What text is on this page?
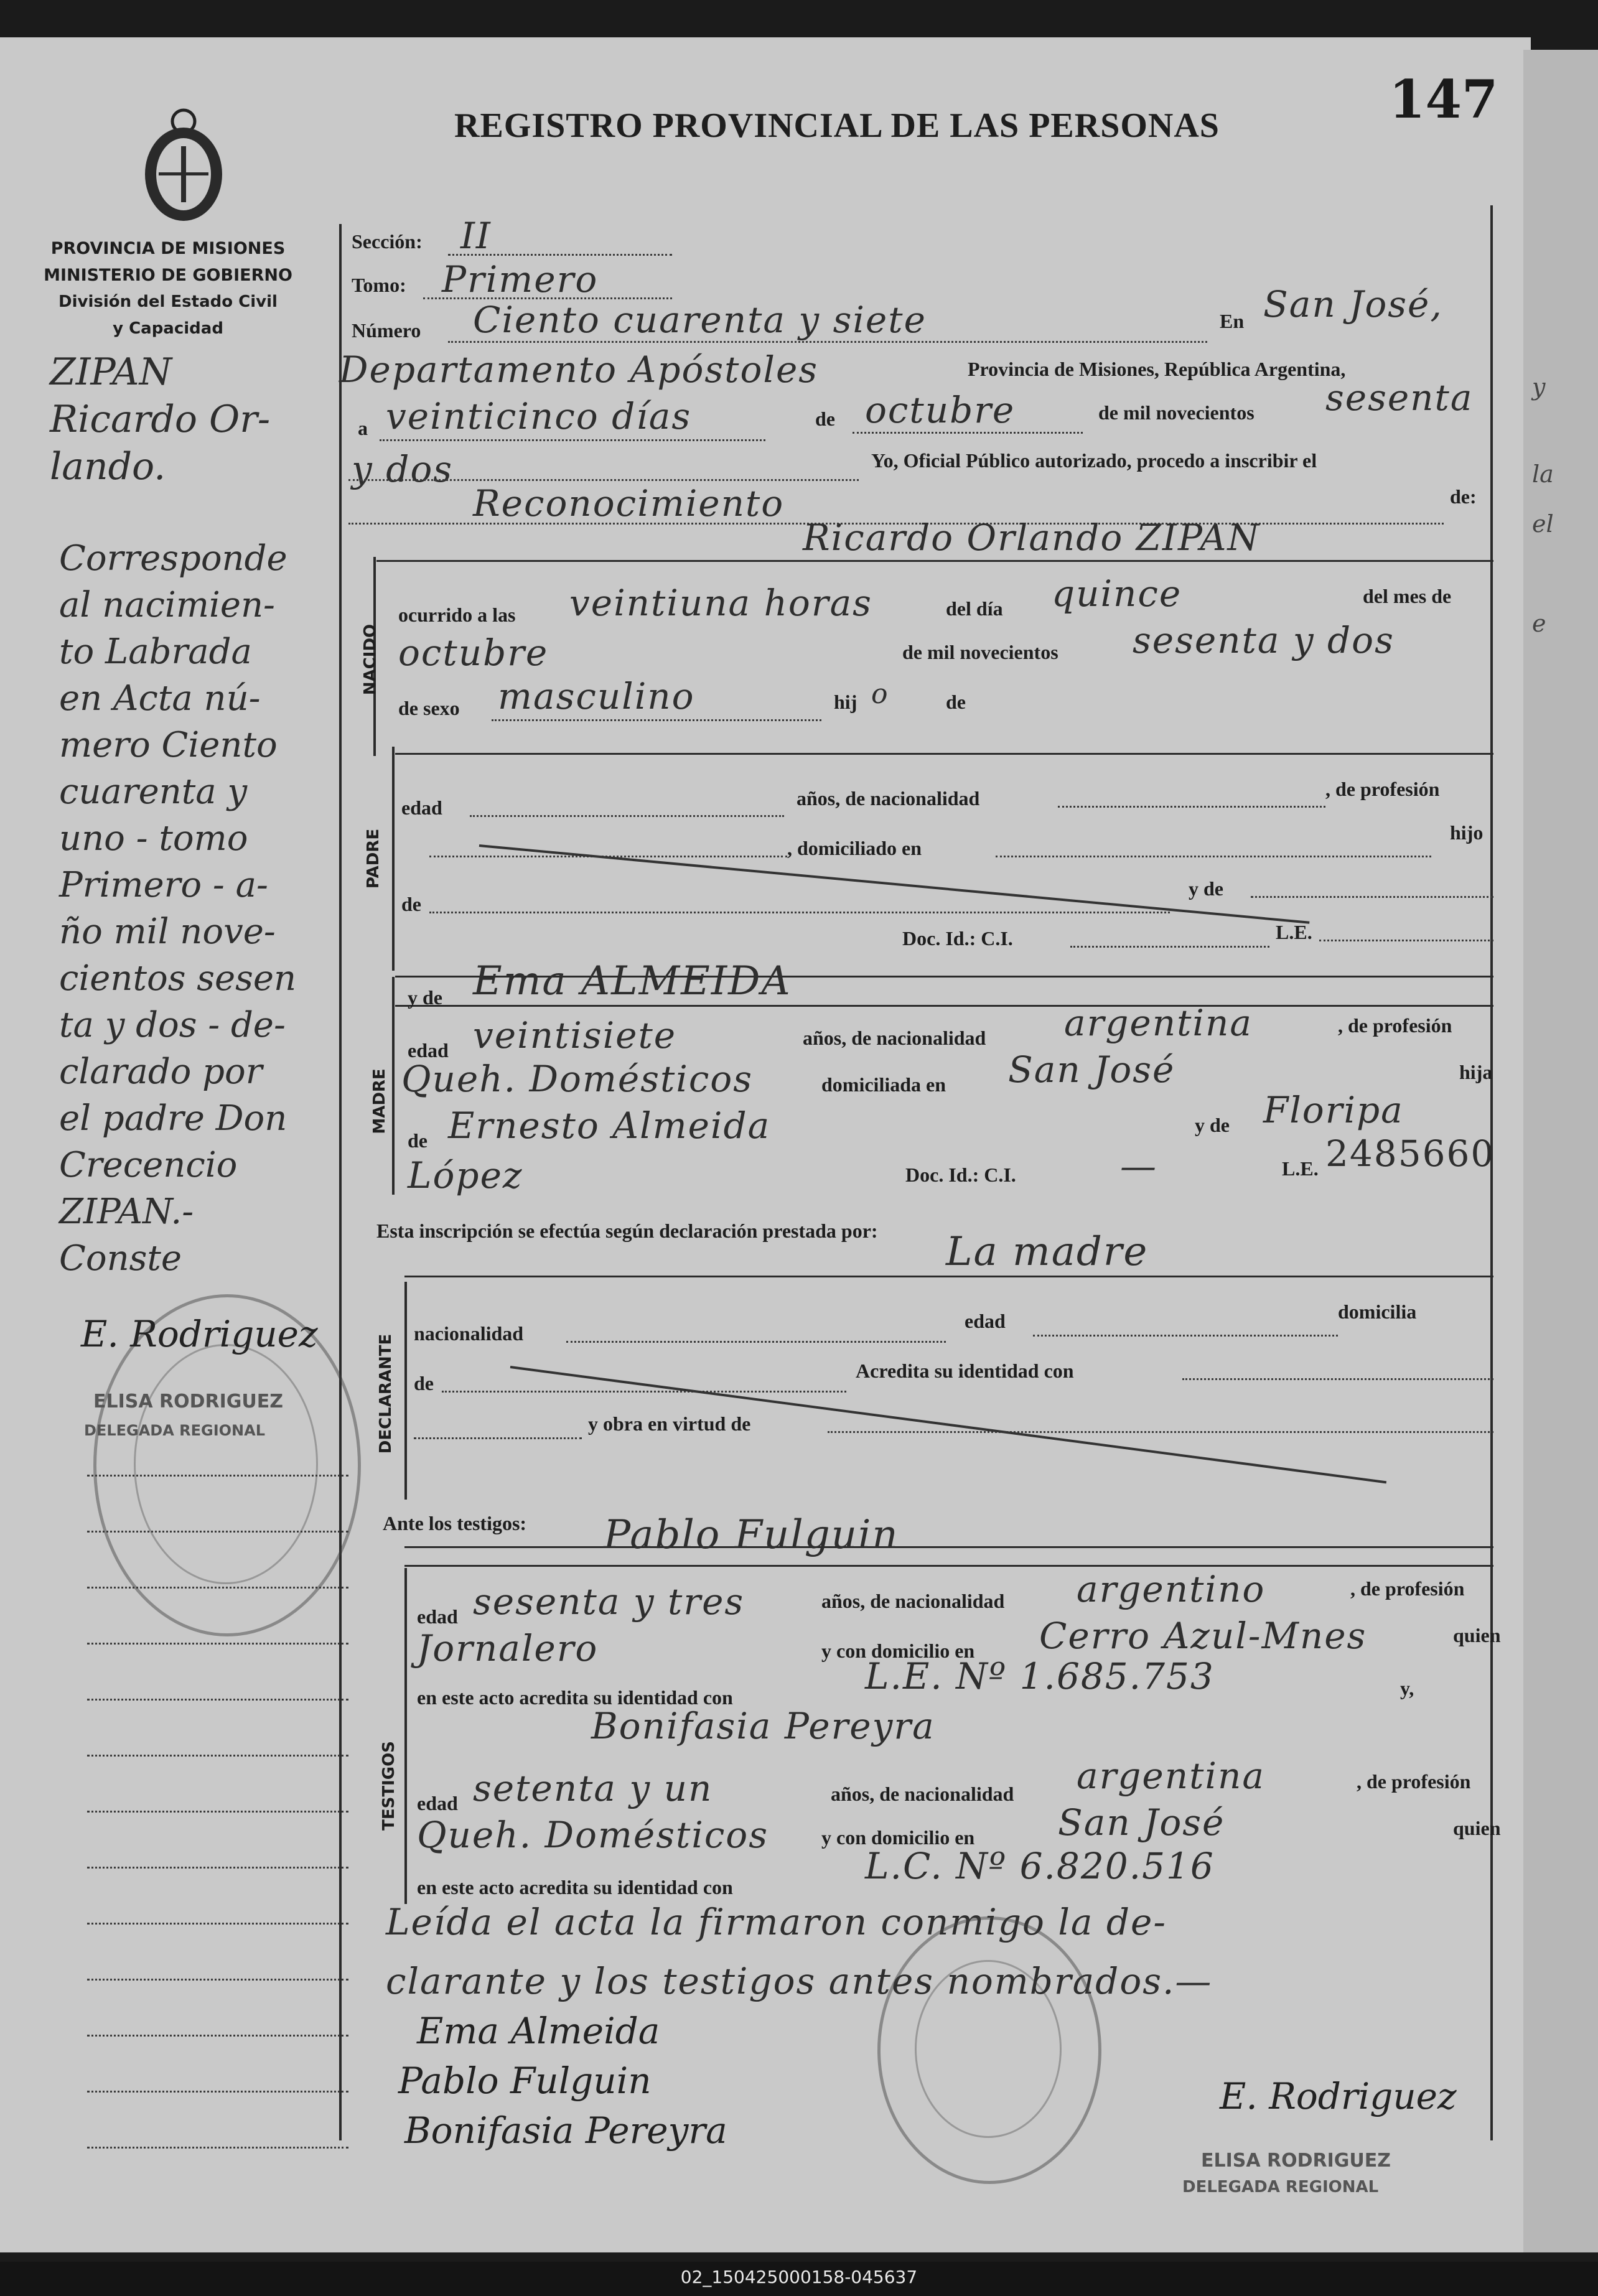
y
la
el
e
147
REGISTRO PROVINCIAL DE LAS PERSONAS
PROVINCIA DE MISIONES
MINISTERIO DE GOBIERNO
División del Estado Civil
y Capacidad
NACIDO
PADRE
MADRE
DECLARANTE
TESTIGOS
Sección: II
Tomo: Primero
Número Ciento cuarenta y siete	En San José,
Departamento Apóstoles	Provincia de Misiones, República Argentina,
a veinticinco días	de octubre	de mil novecientos sesenta
y dos	Yo, Oficial Público autorizado, procedo a inscribir el
Reconocimiento	de:
Ricardo Orlando ZIPAN
ocurrido a las veintiuna horas	del día quince	del mes de
octubre	de mil novecientos sesenta y dos
de sexo masculino	hij o	de
edad	años, de nacionalidad	, de profesión
, domiciliado en
hijo
de
y de
Doc. Id.: C.I.	L.E.
y de Ema ALMEIDA
edad veintisiete	años, de nacionalidad argentina	, de profesión
Queh. Domésticos	domiciliada en San José	hija
de Ernesto Almeida	y de Floripa
López	Doc. Id.: C.I.	—	L.E. 2485660
Esta inscripción se efectúa según declaración prestada por: La madre
nacionalidad
edad	domicilia
de
Acredita su identidad con
y obra en virtud de
Ante los testigos: Pablo Fulguin
edad sesenta y tres	años, de nacionalidad argentino	, de profesión
Jornalero	y con domicilio en Cerro Azul-Mnes	quien
en este acto acredita su identidad con	L.E. Nº 1.685.753	y,
Bonifasia Pereyra
edad setenta y un	años, de nacionalidad argentina	, de profesión
Queh. Domésticos	y con domicilio en San José	quien
en este acto acredita su identidad con	L.C. Nº 6.820.516
Leída el acta la firmaron conmigo la de-
clarante y los testigos antes nombrados.—
Ema Almeida
Pablo Fulguin
Bonifasia Pereyra
E. Rodriguez
ELISA RODRIGUEZ
DELEGADA REGIONAL
ZIPAN
Ricardo Or-
lando.
Corresponde
al nacimien-
to Labrada
en Acta nú-
mero Ciento
cuarenta y
uno - tomo
Primero - a-
ño mil nove-
cientos sesen
ta y dos - de-
clarado por
el padre Don
Crecencio
ZIPAN.-
Conste
E. Rodriguez
ELISA RODRIGUEZ
DELEGADA REGIONAL
02_150425000158-045637
